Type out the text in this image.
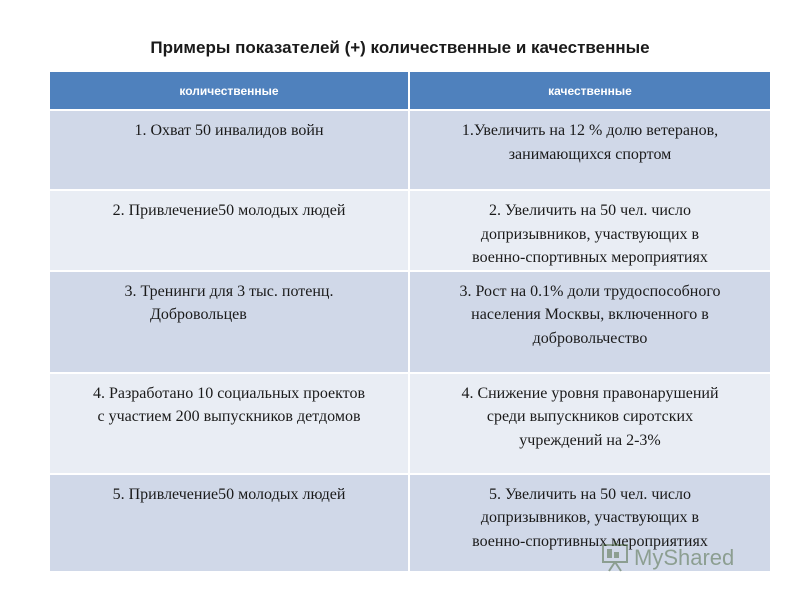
Примеры показателей (+) количественные и качественные
количественные	качественные

1. Охват 50 инвалидов войн	1.Увеличить на 12 % долю ветеранов,
занимающихся спортом

2. Привлечение50 молодых людей	2. Увеличить на 50 чел. число
допризывников, участвующих в
военно-спортивных мероприятиях

3. Тренинги для 3 тыс. потенц.
Добровольцев	3. Рост на 0.1% доли трудоспособного
населения Москвы, включенного в
добровольчество

4. Разработано 10 социальных проектов
с участием 200 выпускников детдомов	4. Снижение уровня правонарушений
среди выпускников сиротских
учреждений на 2-3%

5. Привлечение50 молодых людей	5. Увеличить на 50 чел. число
допризывников, участвующих в
военно-спортивных мероприятиях
MyShared
